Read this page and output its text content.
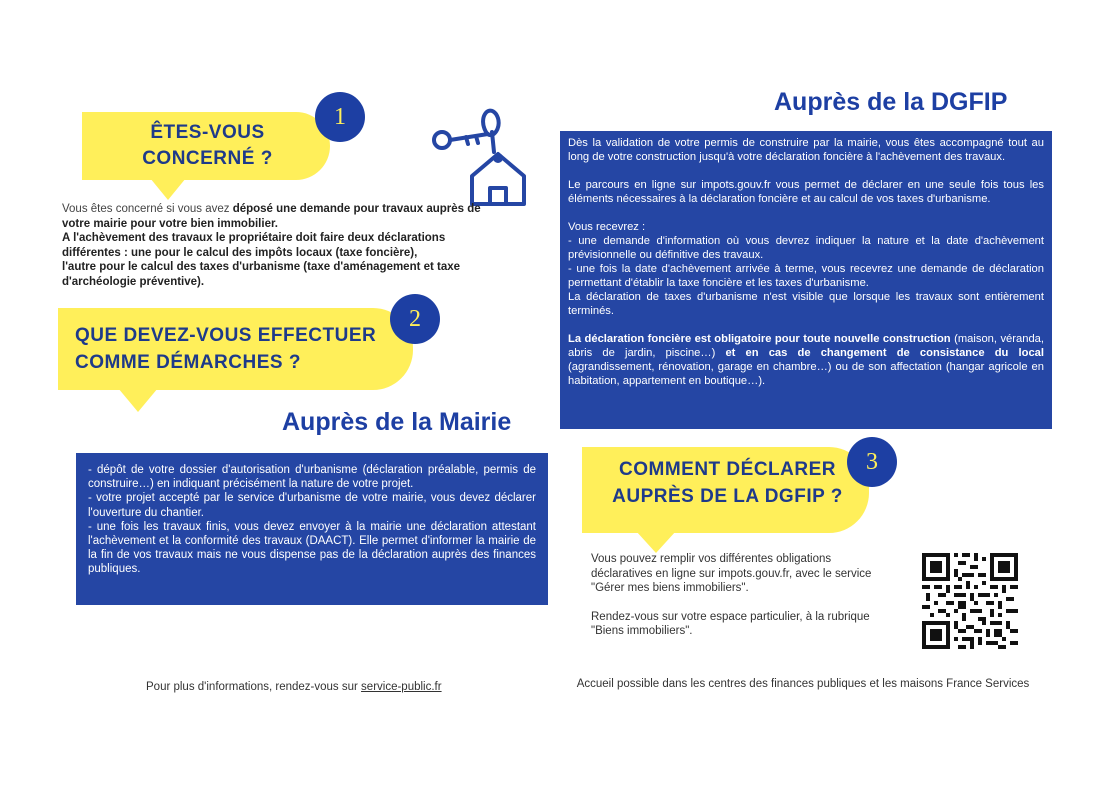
ÊTES-VOUS
CONCERNÉ ?
1
Vous êtes concerné si vous avez déposé une demande pour travaux auprès de votre mairie pour votre bien immobilier.
A l'achèvement des travaux le propriétaire doit faire deux déclarations différentes : une pour le calcul des impôts locaux (taxe foncière),
l'autre pour le calcul des taxes d'urbanisme (taxe d'aménagement et taxe d'archéologie préventive).
QUE DEVEZ-VOUS EFFECTUER
COMME DÉMARCHES ?
2
Auprès de la Mairie
- dépôt de votre dossier d'autorisation d'urbanisme (déclaration préalable, permis de construire…) en indiquant précisément la nature de votre projet.
- votre projet accepté par le service d'urbanisme de votre mairie, vous devez déclarer l'ouverture du chantier.
- une fois les travaux finis, vous devez envoyer à la mairie une déclaration attestant l'achèvement et la conformité des travaux (DAACT). Elle permet d'informer la mairie de la fin de vos travaux mais ne vous dispense pas de la déclaration auprès des finances publiques.
Auprès de la DGFIP
Dès la validation de votre permis de construire par la mairie, vous êtes accompagné tout au long de votre construction jusqu'à votre déclaration foncière à l'achèvement des travaux.
Le parcours en ligne sur impots.gouv.fr vous permet de déclarer en une seule fois tous les éléments nécessaires à la déclaration foncière et au calcul de vos taxes d'urbanisme.
Vous recevrez :
- une demande d'information où vous devrez indiquer la nature et la date d'achèvement prévisionnelle ou définitive des travaux.
- une fois la date d'achèvement arrivée à terme, vous recevrez une demande de déclaration permettant d'établir la taxe foncière et les taxes d'urbanisme.
La déclaration de taxes d'urbanisme n'est visible que lorsque les travaux sont entièrement terminés.
La déclaration foncière est obligatoire pour toute nouvelle construction (maison, véranda, abris de jardin, piscine…) et en cas de changement de consistance du local (agrandissement, rénovation, garage en chambre…) ou de son affectation (hangar agricole en habitation, appartement en boutique…).
COMMENT DÉCLARER
AUPRÈS DE LA DGFIP ?
3
Vous pouvez remplir vos différentes obligations déclaratives en ligne sur impots.gouv.fr, avec le service "Gérer mes biens immobiliers".
Rendez-vous sur votre espace particulier, à la rubrique "Biens immobiliers".
Pour plus d'informations, rendez-vous sur service-public.fr	Accueil possible dans les centres des finances publiques et les maisons France Services
